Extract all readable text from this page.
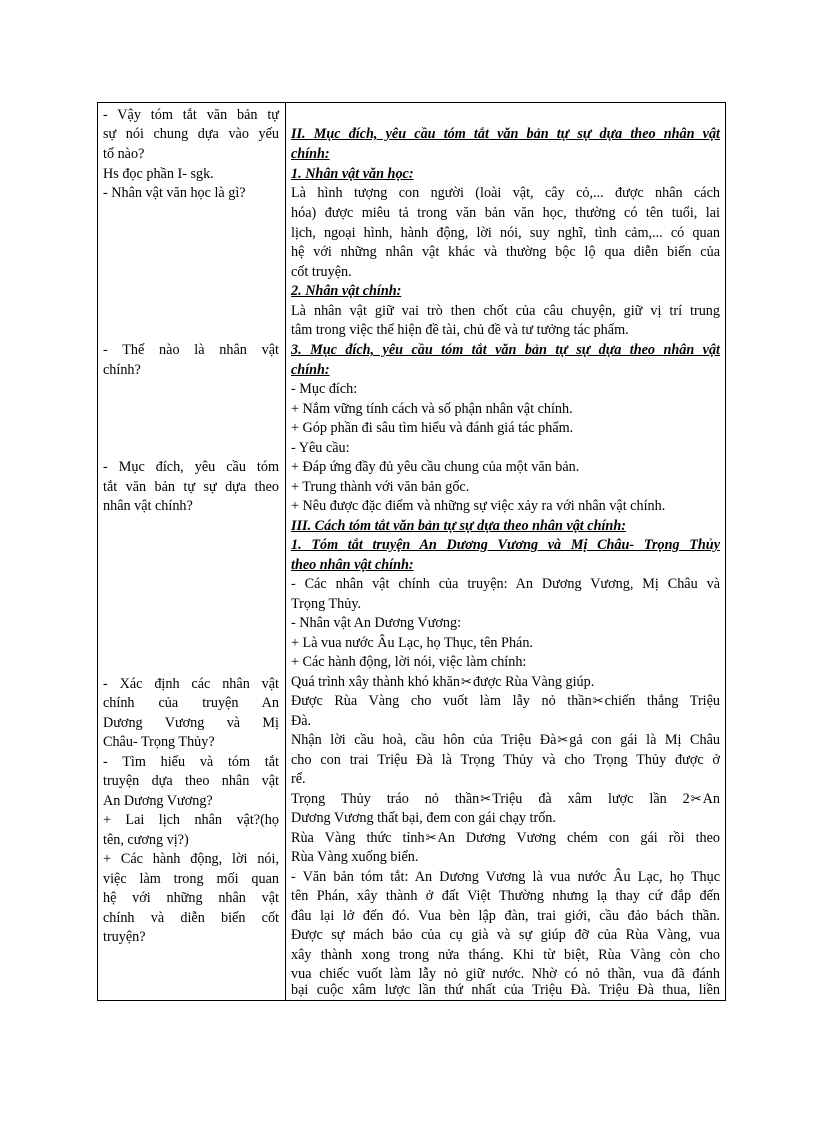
- Vậy tóm tắt văn bản tự
sự nói chung dựa vào yếu
tố nào?
Hs đọc phần I- sgk.
- Nhân vật văn học là gì?
- Thế nào là nhân vật
chính?
- Mục đích, yêu cầu tóm
tắt văn bản tự sự dựa theo
nhân vật chính?
- Xác định các nhân vật
chính của truyện An
Dương Vương và Mị
Châu- Trọng Thủy?
- Tìm hiểu và tóm tắt
truyện dựa theo nhân vật
An Dương Vương?
+ Lai lịch nhân vật?(họ
tên, cương vị?)
+ Các hành động, lời nói,
việc làm trong mối quan
hệ với những nhân vật
chính và diễn biến cốt
truyện?
II. Mục đích, yêu cầu tóm tắt văn bản tự sự dựa theo nhân vật
chính:
1. Nhân vật văn học:
Là hình tượng con người (loài vật, cây cỏ,... được nhân cách
hóa) được miêu tả trong văn bản văn học, thường có tên tuổi, lai
lịch, ngoại hình, hành động, lời nói, suy nghĩ, tình cảm,... có quan
hệ với những nhân vật khác và thường bộc lộ qua diễn biến của
cốt truyện.
2. Nhân vật chính:
Là nhân vật giữ vai trò then chốt của câu chuyện, giữ vị trí trung
tâm trong việc thể hiện đề tài, chủ đề và tư tưởng tác phẩm.
3. Mục đích, yêu cầu tóm tắt văn bản tự sự dựa theo nhân vật
chính:
- Mục đích:
+ Nắm vững tính cách và số phận nhân vật chính.
+ Góp phần đi sâu tìm hiểu và đánh giá tác phẩm.
- Yêu cầu:
+ Đáp ứng đầy đủ yêu cầu chung của một văn bản.
+ Trung thành với văn bản gốc.
+ Nêu được đặc điểm và những sự việc xảy ra với nhân vật chính.
III. Cách tóm tắt văn bản tự sự dựa theo nhân vật chính:
1. Tóm tắt truyện An Dương Vương và Mị Châu- Trọng Thủy
theo nhân vật chính:
- Các nhân vật chính của truyện: An Dương Vương, Mị Châu và
Trọng Thủy.
- Nhân vật An Dương Vương:
+ Là vua nước Âu Lạc, họ Thục, tên Phán.
+ Các hành động, lời nói, việc làm chính:
Quá trình xây thành khó khăn✂được Rùa Vàng giúp.
Được Rùa Vàng cho vuốt làm lẫy nỏ thần✂chiến thắng Triệu
Đà.
Nhận lời cầu hoà, cầu hôn của Triệu Đà✂gả con gái là Mị Châu
cho con trai Triệu Đà là Trọng Thủy và cho Trọng Thủy được ở
rể.
Trọng Thủy tráo nỏ thần✂Triệu đà xâm lược lần 2✂An
Dương Vương thất bại, đem con gái chạy trốn.
Rùa Vàng thức tỉnh✂An Dương Vương chém con gái rồi theo
Rùa Vàng xuống biển.
- Văn bản tóm tắt: An Dương Vương là vua nước Âu Lạc, họ Thục
tên Phán, xây thành ở đất Việt Thường nhưng lạ thay cứ đắp đến
đâu lại lở đến đó. Vua bèn lập đàn, trai giới, cầu đảo bách thần.
Được sự mách bảo của cụ già và sự giúp đỡ của Rùa Vàng, vua
xây thành xong trong nửa tháng. Khi từ biệt, Rùa Vàng còn cho
vua chiếc vuốt làm lẫy nỏ giữ nước. Nhờ có nỏ thần, vua đã đánh
bại cuộc xâm lược lần thứ nhất của Triệu Đà. Triệu Đà thua, liền
